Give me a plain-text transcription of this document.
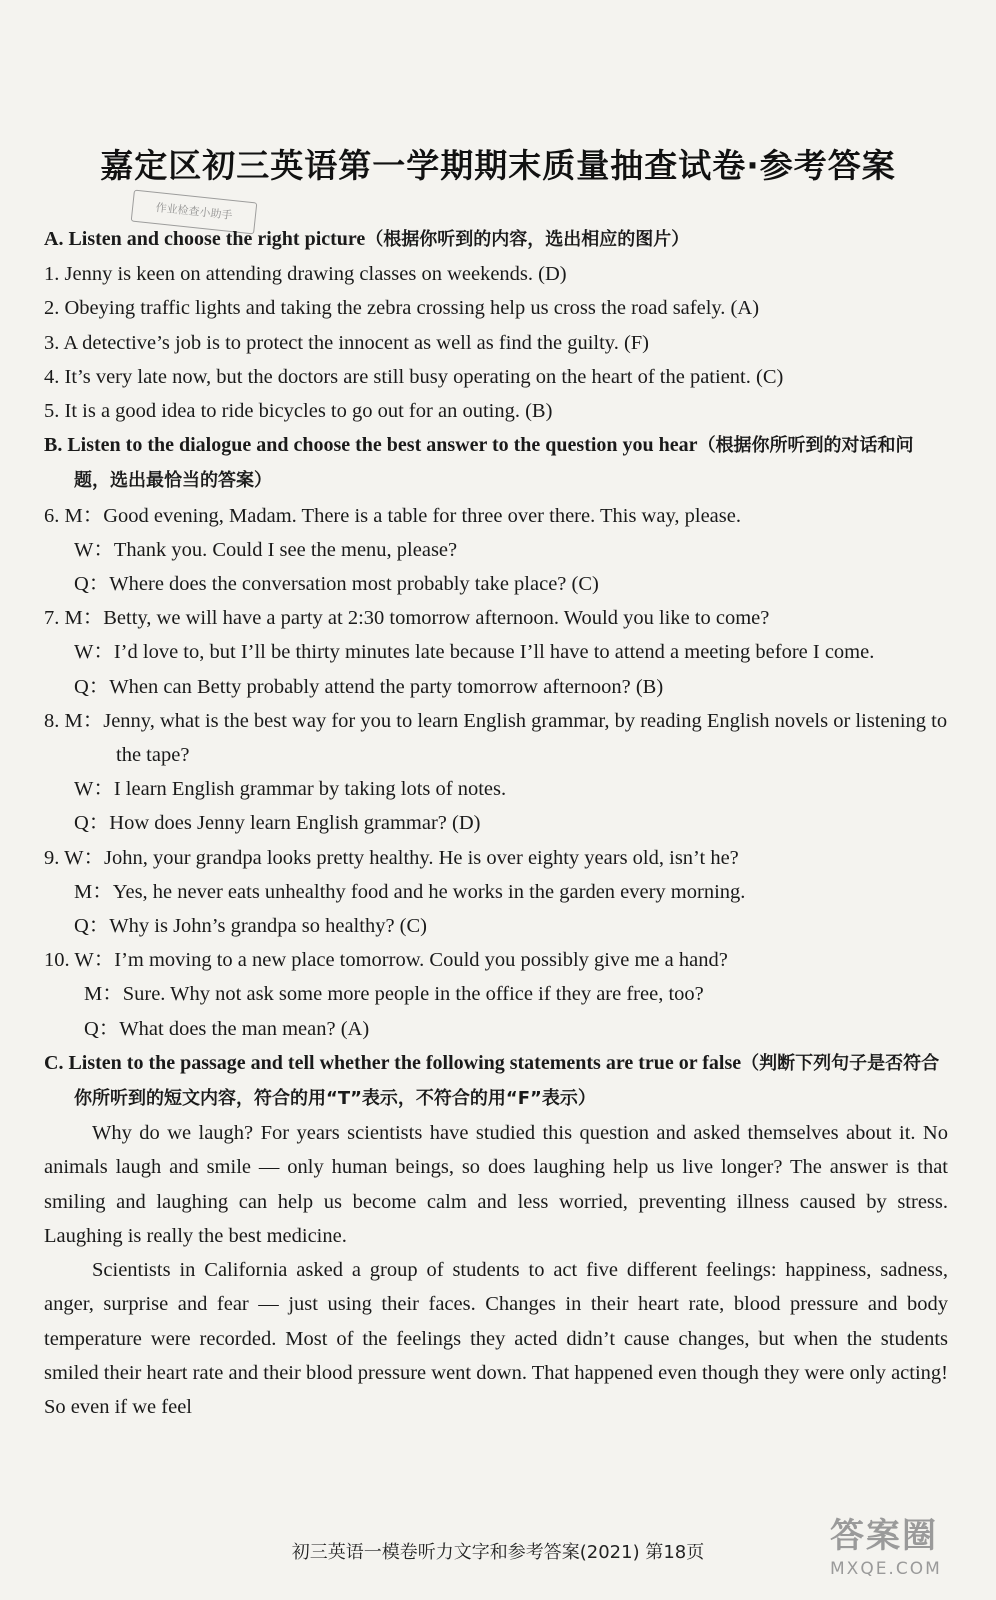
嘉定区初三英语第一学期期末质量抽查试卷·参考答案
作业检查小助手
A. Listen and choose the right picture（根据你听到的内容，选出相应的图片）
1. Jenny is keen on attending drawing classes on weekends. (D)
2. Obeying traffic lights and taking the zebra crossing help us cross the road safely. (A)
3. A detective’s job is to protect the innocent as well as find the guilty. (F)
4. It’s very late now, but the doctors are still busy operating on the heart of the patient. (C)
5. It is a good idea to ride bicycles to go out for an outing. (B)
B. Listen to the dialogue and choose the best answer to the question you hear（根据你所听到的对话和问题，选出最恰当的答案）
6. M：Good evening, Madam. There is a table for three over there. This way, please.
W：Thank you. Could I see the menu, please?
Q：Where does the conversation most probably take place? (C)
7. M：Betty, we will have a party at 2:30 tomorrow afternoon. Would you like to come?
W：I’d love to, but I’ll be thirty minutes late because I’ll have to attend a meeting before I come.
Q：When can Betty probably attend the party tomorrow afternoon? (B)
8. M：Jenny, what is the best way for you to learn English grammar, by reading English novels or listening to the tape?
W：I learn English grammar by taking lots of notes.
Q：How does Jenny learn English grammar? (D)
9. W：John, your grandpa looks pretty healthy. He is over eighty years old, isn’t he?
M：Yes, he never eats unhealthy food and he works in the garden every morning.
Q：Why is John’s grandpa so healthy? (C)
10. W：I’m moving to a new place tomorrow. Could you possibly give me a hand?
M：Sure. Why not ask some more people in the office if they are free, too?
Q：What does the man mean? (A)
C. Listen to the passage and tell whether the following statements are true or false（判断下列句子是否符合你所听到的短文内容，符合的用“T”表示，不符合的用“F”表示）
Why do we laugh? For years scientists have studied this question and asked themselves about it. No animals laugh and smile — only human beings, so does laughing help us live longer? The answer is that smiling and laughing can help us become calm and less worried, preventing illness caused by stress. Laughing is really the best medicine.
Scientists in California asked a group of students to act five different feelings: happiness, sadness, anger, surprise and fear — just using their faces. Changes in their heart rate, blood pressure and body temperature were recorded. Most of the feelings they acted didn’t cause changes, but when the students smiled their heart rate and their blood pressure went down. That happened even though they were only acting! So even if we feel
初三英语一模卷听力文字和参考答案(2021) 第18页	答案圈
MXQE.COM
